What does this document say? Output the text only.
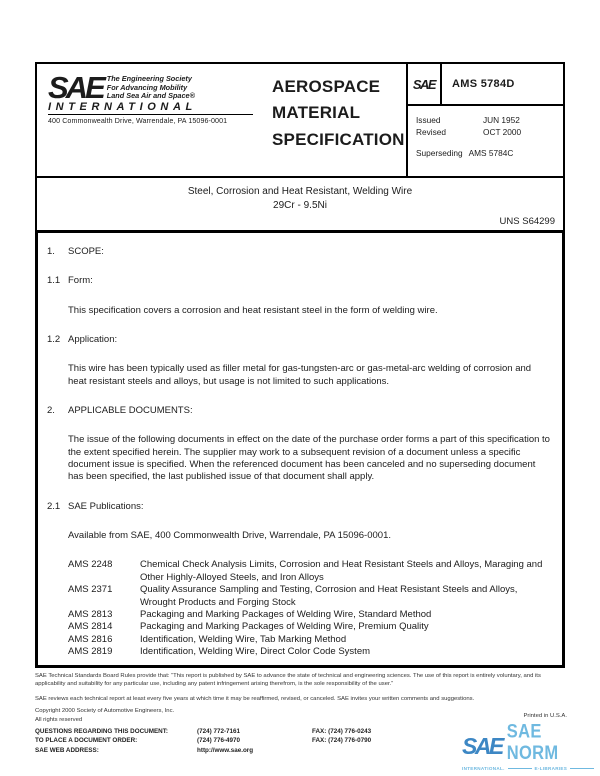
SAE The Engineering Society
For Advancing Mobility
Land Sea Air and Space®
INTERNATIONAL
400 Commonwealth Drive, Warrendale, PA 15096-0001
AEROSPACE
MATERIAL
SPECIFICATION
SAE	AMS 5784D
Issued	JUN 1952
Revised	OCT 2000
Superseding AMS 5784C
Steel, Corrosion and Heat Resistant, Welding Wire
29Cr - 9.5Ni
UNS S64299
1.	SCOPE:
1.1 Form:

This specification covers a corrosion and heat resistant steel in the form of welding wire.

1.2 Application:

This wire has been typically used as filler metal for gas-tungsten-arc or gas-metal-arc welding of corrosion and heat resistant steels and alloys, but usage is not limited to such applications.

2.	APPLICABLE DOCUMENTS:

The issue of the following documents in effect on the date of the purchase order forms a part of this specification to the extent specified herein. The supplier may work to a subsequent revision of a document unless a specific document issue is specified. When the referenced document has been canceled and no superseding document has been specified, the last published issue of that document shall apply.

2.1 SAE Publications:

Available from SAE, 400 Commonwealth Drive, Warrendale, PA 15096-0001.

AMS 2248	Chemical Check Analysis Limits, Corrosion and Heat Resistant Steels and Alloys, Maraging and Other Highly-Alloyed Steels, and Iron Alloys
AMS 2371	Quality Assurance Sampling and Testing, Corrosion and Heat Resistant Steels and Alloys, Wrought Products and Forging Stock
AMS 2813	Packaging and Marking Packages of Welding Wire, Standard Method
AMS 2814	Packaging and Marking Packages of Welding Wire, Premium Quality
AMS 2816	Identification, Welding Wire, Tab Marking Method
AMS 2819	Identification, Welding Wire, Direct Color Code System
SAE Technical Standards Board Rules provide that: “This report is published by SAE to advance the state of technical and engineering sciences. The use of this report is entirely voluntary, and its applicability and suitability for any particular use, including any patent infringement arising therefrom, is the sole responsibility of the user.”
SAE reviews each technical report at least every five years at which time it may be reaffirmed, revised, or canceled. SAE invites your written comments and suggestions.
Copyright 2000 Society of Automotive Engineers, Inc.
All rights reserved
Printed in U.S.A.
QUESTIONS REGARDING THIS DOCUMENT:	(724) 772-7161	FAX: (724) 776-0243
TO PLACE A DOCUMENT ORDER:	(724) 776-4970	FAX: (724) 776-0790
SAE WEB ADDRESS:	http://www.sae.org	SAE
SAE NORM
INTERNATIONAL.	E-LIBRARIES
